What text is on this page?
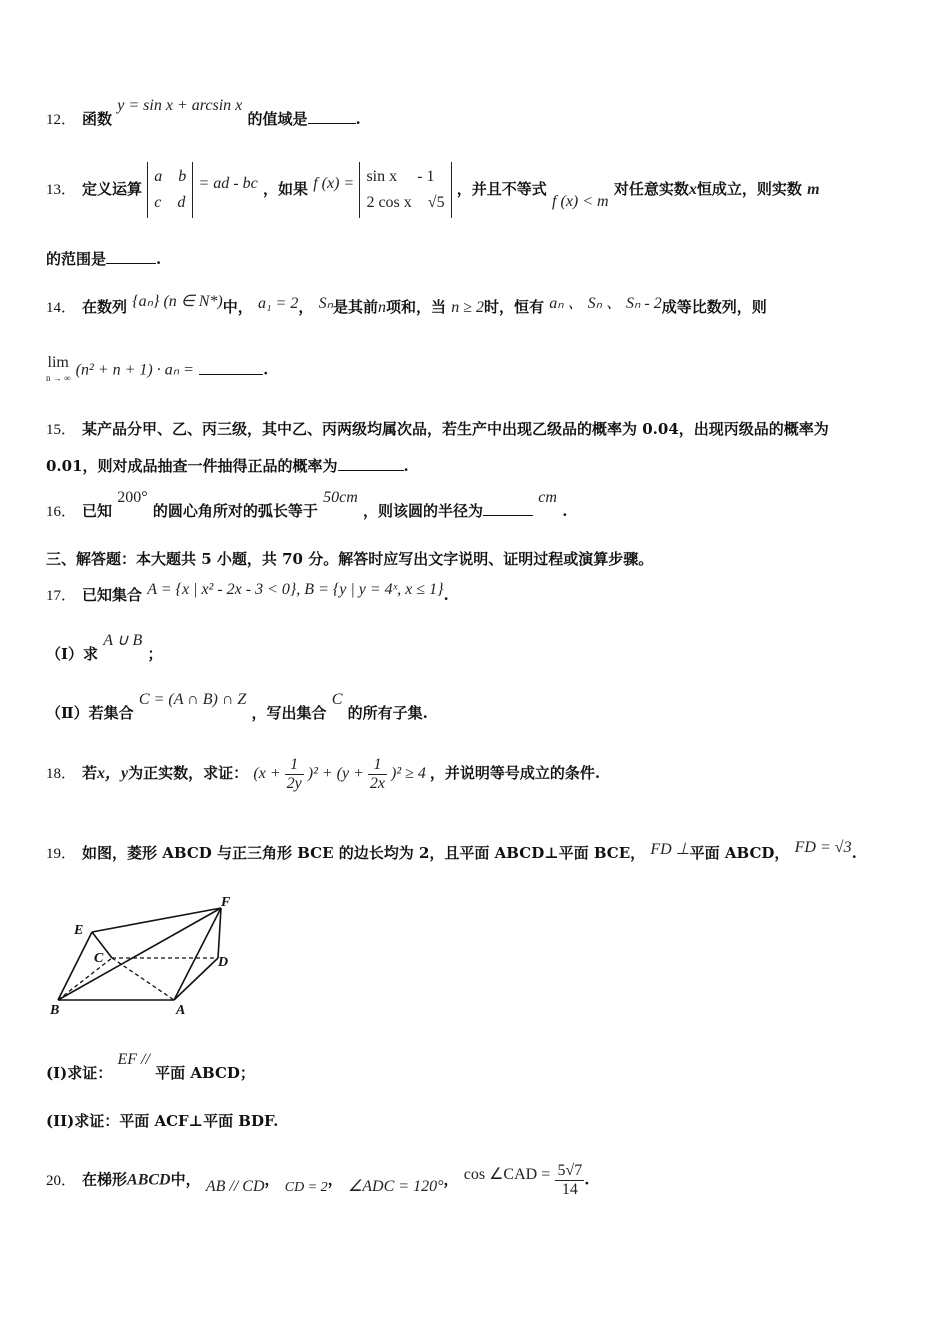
12． 函数 y = sin x + arcsin x 的值域是	.
13． 定义运算 a b
c d = ad - bc ，如果 f (x) = sin x - 1
2 cos x √5 ，并且不等式 f (x) < m 对任意实数x恒成立，则实数 m
的范围是	.
14． 在数列 {aₙ} (n ∈ N*)中， a₁ = 2， Sₙ是其前n项和，当 n ≥ 2时，恒有 aₙ 、 Sₙ 、 Sₙ - 2成等比数列，则
lim
n → ∞ (n² + n + 1) · aₙ =	.
15． 某产品分甲、乙、丙三级，其中乙、丙两级均属次品，若生产中出现乙级品的概率为 0.04，出现丙级品的概率为
0.01，则对成品抽查一件抽得正品的概率为	.
16． 已知 200° 的圆心角所对的弧长等于 50cm ，则该圆的半径为 cm .
三、解答题：本大题共 5 小题，共 70 分。解答时应写出文字说明、证明过程或演算步骤。
17． 已知集合 A = {x | x² - 2x - 3 < 0}, B = {y | y = 4ˣ, x ≤ 1}.
（Ⅰ）求 A ∪ B ；
（Ⅱ）若集合 C = (A ∩ B) ∩ Z ，写出集合 C 的所有子集.
18． 若x，y为正实数，求证： $(x + \frac{1}{2y} )^2 + (y + \frac{1}{2x} )^2 \ge 4$ ，并说明等号成立的条件.
19． 如图，菱形 ABCD 与正三角形 BCE 的边长均为 2，且平面 ABCD⊥平面 BCE， FD ⊥平面 ABCD， FD = √3.
E
F
C	D
B	A
(I)求证： EF // 平面 ABCD；
(II)求证：平面 ACF⊥平面 BDF.
20． 在梯形ABCD中， AB // CD， CD = 2， ∠ADC = 120°， cos ∠CAD = $\frac{5√7}{14}$ .
